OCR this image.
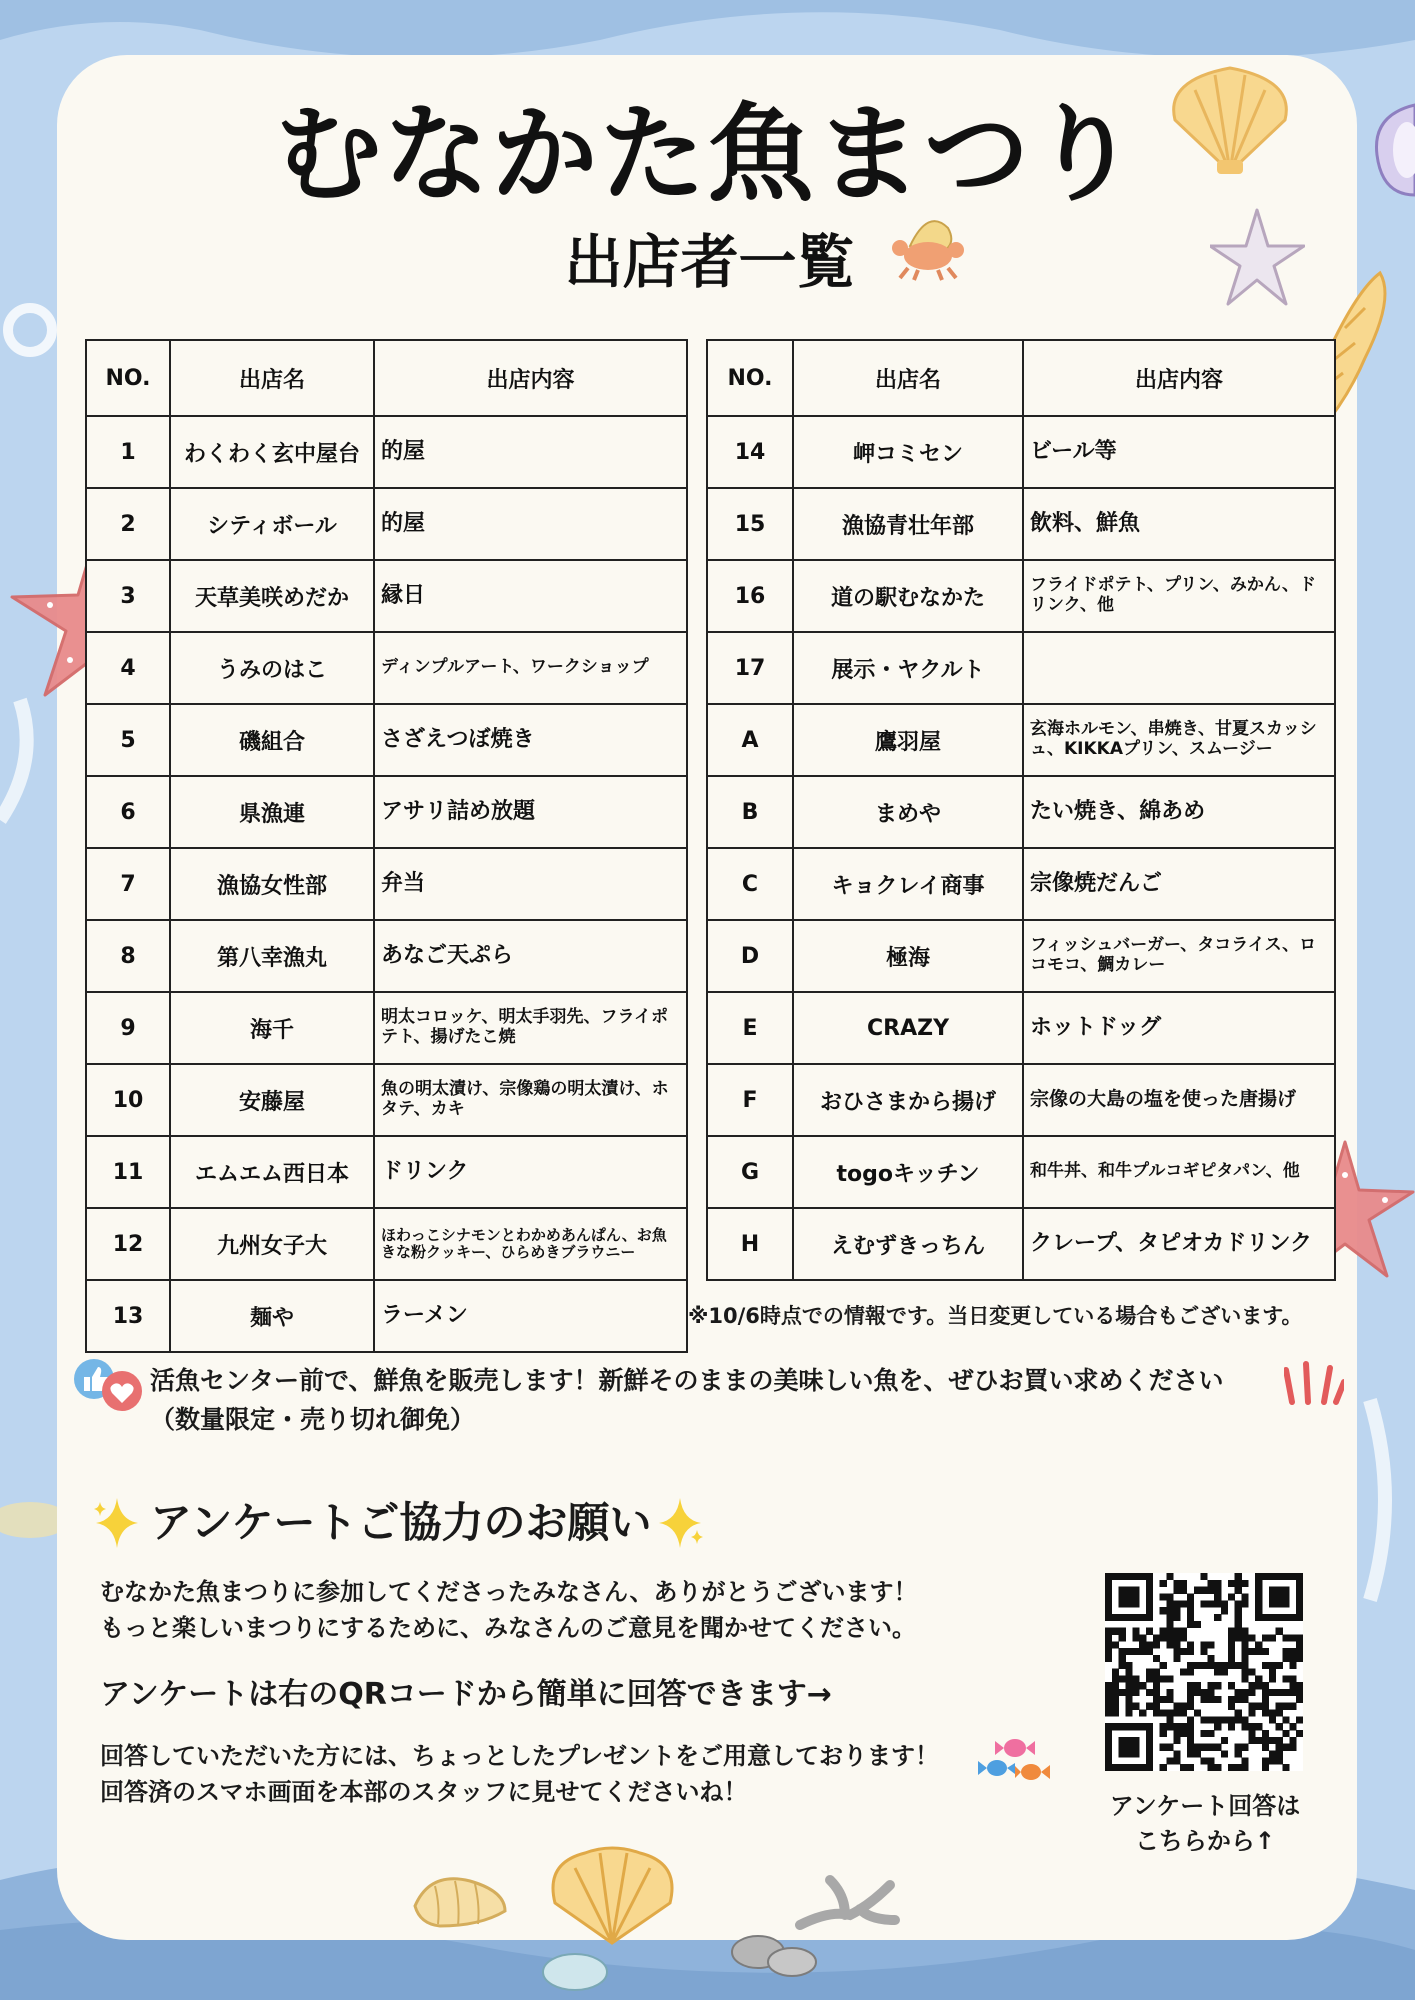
むなかた魚まつり
出店者一覧
NO.	出店名	出店内容
1	わくわく玄中屋台	的屋
2	シティボール	的屋
3	天草美咲めだか	縁日
4	うみのはこ	ディンプルアート、ワークショップ
5	磯組合	さざえつぼ焼き
6	県漁連	アサリ詰め放題
7	漁協女性部	弁当
8	第八幸漁丸	あなご天ぷら
9	海千	明太コロッケ、明太手羽先、フライポテト、揚げたこ焼
10	安藤屋	魚の明太漬け、宗像鶏の明太漬け、ホタテ、カキ
11	エムエム西日本	ドリンク
12	九州女子大	ほわっこシナモンとわかめあんぱん、お魚きな粉クッキー、ひらめきブラウニー
13	麺や	ラーメン
NO.	出店名	出店内容
14	岬コミセン	ビール等
15	漁協青壮年部	飲料、鮮魚
16	道の駅むなかた	フライドポテト、プリン、みかん、ドリンク、他
17	展示・ヤクルト	
A	鷹羽屋	玄海ホルモン、串焼き、甘夏スカッシュ、KIKKAプリン、スムージー
B	まめや	たい焼き、綿あめ
C	キョクレイ商事	宗像焼だんご
D	極海	フィッシュバーガー、タコライス、ロコモコ、鯛カレー
E	CRAZY	ホットドッグ
F	おひさまから揚げ	宗像の大島の塩を使った唐揚げ
G	togoキッチン	和牛丼、和牛プルコギピタパン、他
H	えむずきっちん	クレープ、タピオカドリンク
※10/6時点での情報です。当日変更している場合もございます。
活魚センター前で、鮮魚を販売します！新鮮そのままの美味しい魚を、ぜひお買い求めください
（数量限定・売り切れ御免）
アンケートご協力のお願い
むなかた魚まつりに参加してくださったみなさん、ありがとうございます！
もっと楽しいまつりにするために、みなさんのご意見を聞かせてください。
アンケートは右のQRコードから簡単に回答できます→
回答していただいた方には、ちょっとしたプレゼントをご用意しております！
回答済のスマホ画面を本部のスタッフに見せてくださいね！	アンケート回答は
こちらから↑
